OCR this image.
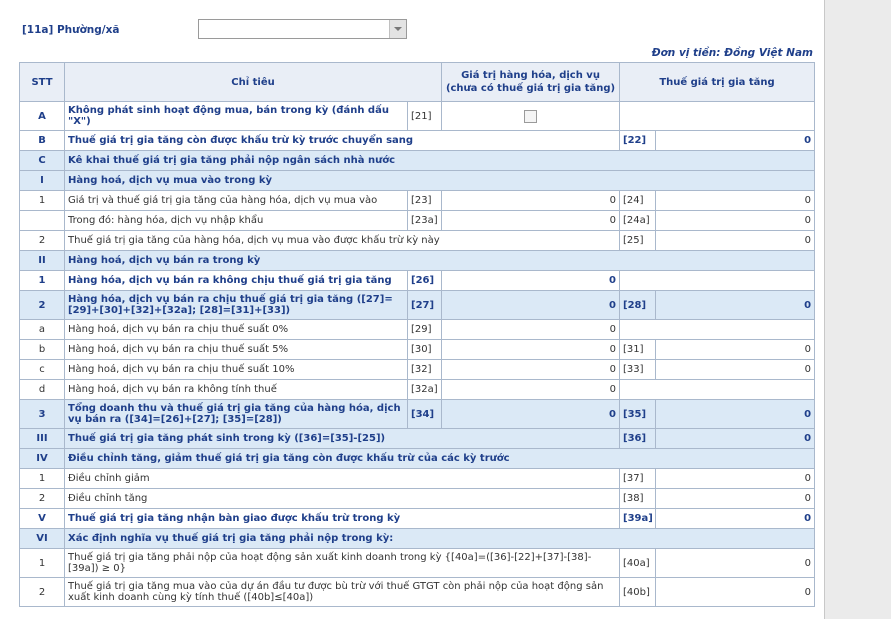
[11a] Phường/xã
Đơn vị tiền: Đồng Việt Nam
STT	Chỉ tiêu		Giá trị hàng hóa, dịch vụ (chưa có thuế giá trị gia tăng)	Thuế giá trị gia tăng	
A	Không phát sinh hoạt động mua, bán trong kỳ (đánh dấu "X")	[21]			
B	Thuế giá trị gia tăng còn được khấu trừ kỳ trước chuyển sang			[22]	0
C	Kê khai thuế giá trị gia tăng phải nộp ngân sách nhà nước				
I	Hàng hoá, dịch vụ mua vào trong kỳ				
1	Giá trị và thuế giá trị gia tăng của hàng hóa, dịch vụ mua vào	[23]	0	[24]	0
	Trong đó: hàng hóa, dịch vụ nhập khẩu	[23a]	0	[24a]	0
2	Thuế giá trị gia tăng của hàng hóa, dịch vụ mua vào được khấu trừ kỳ này			[25]	0
II	Hàng hoá, dịch vụ bán ra trong kỳ				
1	Hàng hóa, dịch vụ bán ra không chịu thuế giá trị gia tăng	[26]	0		
2	Hàng hóa, dịch vụ bán ra chịu thuế giá trị gia tăng ([27]=[29]+[30]+[32]+[32a]; [28]=[31]+[33])	[27]	0	[28]	0
a	Hàng hoá, dịch vụ bán ra chịu thuế suất 0%	[29]	0		
b	Hàng hoá, dịch vụ bán ra chịu thuế suất 5%	[30]	0	[31]	0
c	Hàng hoá, dịch vụ bán ra chịu thuế suất 10%	[32]	0	[33]	0
d	Hàng hoá, dịch vụ bán ra không tính thuế	[32a]	0		
3	Tổng doanh thu và thuế giá trị gia tăng của hàng hóa, dịch vụ bán ra ([34]=[26]+[27]; [35]=[28])	[34]	0	[35]	0
III	Thuế giá trị gia tăng phát sinh trong kỳ ([36]=[35]-[25])			[36]	0
IV	Điều chỉnh tăng, giảm thuế giá trị gia tăng còn được khấu trừ của các kỳ trước				
1	Điều chỉnh giảm			[37]	0
2	Điều chỉnh tăng			[38]	0
V	Thuế giá trị gia tăng nhận bàn giao được khấu trừ trong kỳ			[39a]	0
VI	Xác định nghĩa vụ thuế giá trị gia tăng phải nộp trong kỳ:				
1	Thuế giá trị gia tăng phải nộp của hoạt động sản xuất kinh doanh trong kỳ {[40a]=([36]-[22]+[37]-[38]-[39a]) ≥ 0}			[40a]	0
2	Thuế giá trị gia tăng mua vào của dự án đầu tư được bù trừ với thuế GTGT còn phải nộp của hoạt động sản xuất kinh doanh cùng kỳ tính thuế ([40b]≤[40a])			[40b]	0
